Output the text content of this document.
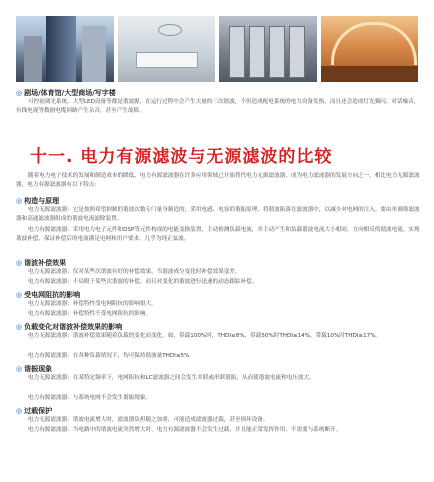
◎ 剧场/体育馆/大型商场/写字楼
可控硅调光系统、大型LED设备等都是谐波源，在运行过程中会产生大量的三次谐波，不但造成配电系统的电力设备发热，而且还会造成灯光频闪、对话噪音，有线电视等数据电缆回路产生杂音，甚至产生故障。
十一. 电力有源滤波与无源滤波的比较
随着电力电子技术的发展和制造成本的降低，电力有源滤波器在许多应用领域已开始替代电力无源滤波器，成为电力滤波器的发展方向之一。相比电力无源滤波器，电力有源滤波器有以下特点：
◎ 构造与原理
电力无源滤波器：它是按照希望抑制的谐波次数专门量身制造的，采用电感、电容的谐振原理，将谐波陷落在滤波器中，以减少对电网的注入。要由单调谐滤波器和高通滤波器组成的谐波电流滤除装置。
电力有源滤波器：采用电力电子元件和DSP等元件构成的电能变换装置，主动检测负载电流，并主动产生和负载谐波电流大小相同、方向相反的谐波电流，实现谐波补偿，保证补偿后的电流满足电网和用户要求，几乎为纯正弦波。
◎ 谐波补偿效果
电力无源滤波器：仅对某些次谐波有好的补偿效果，当谐波成分变化时补偿效果变差。
电力有源滤波器：不局限于某些次谐波的补偿，而且对变化的谐波进行迅速的动态跟踪补偿。
◎ 受电网阻抗的影响
电力无源滤波器：补偿特性受电网阻抗的影响很大。
电力有源滤波器：补偿特性不受电网阻抗的影响。
◎ 负载变化对谐波补偿效果的影响
电力无源滤波器：谐波补偿效果随着负载的变化而变化。如，带载100%时，THDI≤8%，带载50%时THDI≤14%，带载10%时THDI≤17%。
电力有源滤波器：在各种负载情况下，均可保持谐波量THDI≤5%
◎ 谐振现象
电力无源滤波器：在某特定频率下，电网阻抗和LC滤波器之间会发生并联或串联谐振，从而使谐波电流和电压放大。
电力有源滤波器：与系统电网不会发生谐振现象。
◎ 过载保护
电力无源滤波器：谐波电流增大时，滤波器负担随之加重，可能造成滤波器过载，甚至损坏设备。
电力有源滤波器：当电路中的谐波电流突然增大时，电力有源滤波器不会发生过载，并且能正常发挥作用，不需要与系统断开。
